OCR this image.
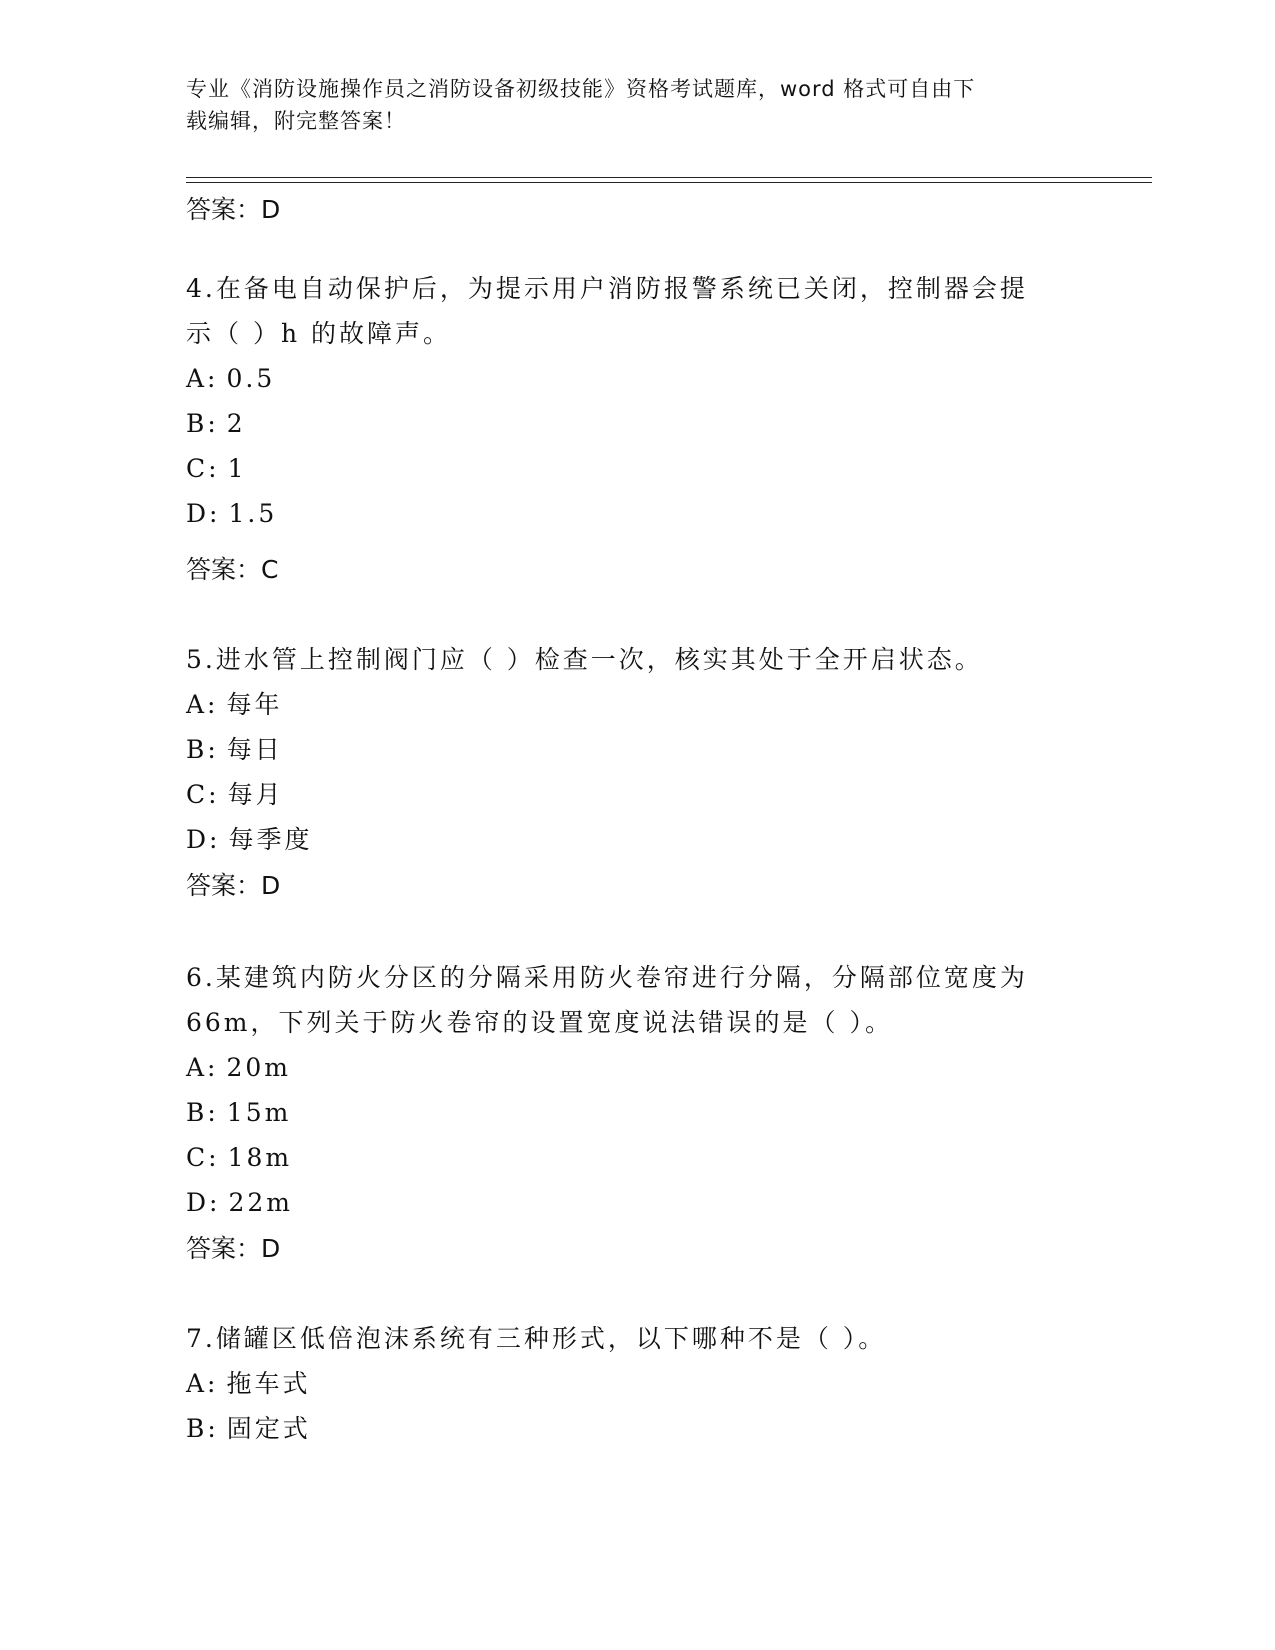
专业《消防设施操作员之消防设备初级技能》资格考试题库，word 格式可自由下
载编辑，附完整答案！
答案：D
4.在备电自动保护后，为提示用户消防报警系统已关闭，控制器会提
示（ ）h 的故障声。
A: 0.5
B: 2
C: 1
D: 1.5
答案：C
5.进水管上控制阀门应（ ）检查一次，核实其处于全开启状态。
A: 每年
B: 每日
C: 每月
D: 每季度
答案：D
6.某建筑内防火分区的分隔采用防火卷帘进行分隔，分隔部位宽度为
66m，下列关于防火卷帘的设置宽度说法错误的是（ ）。
A: 20m
B: 15m
C: 18m
D: 22m
答案：D
7.储罐区低倍泡沫系统有三种形式，以下哪种不是（ ）。
A: 拖车式
B: 固定式
